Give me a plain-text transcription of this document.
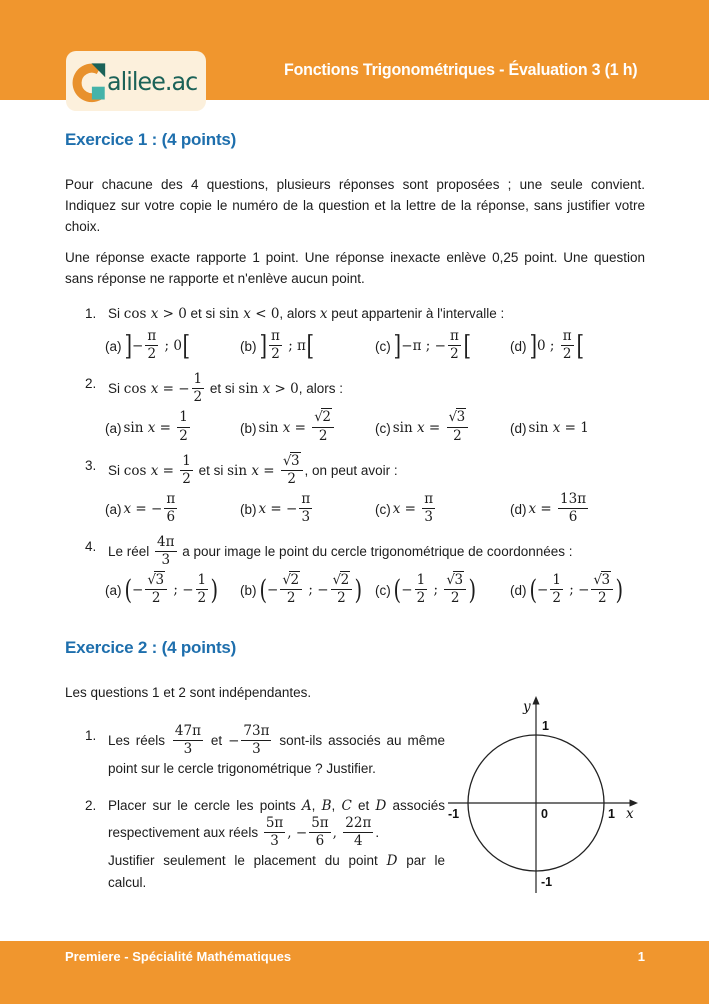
alilee.ac	Fonctions Trigonométriques - Évaluation 3 (1 h)
Exercice 1 : (4 points)

Pour chacune des 4 questions, plusieurs réponses sont proposées ; une seule convient. Indiquez sur votre copie le numéro de la question et la lettre de la réponse, sans justifier votre choix.

Une réponse exacte rapporte 1 point. Une réponse inexacte enlève 0,25 point. Une question sans réponse ne rapporte et n'enlève aucun point.

1. Si cos x > 0 et si sin x < 0, alors x peut appartenir à l'intervalle :
(a) ]− $\frac{\pi}{2}$ ; 0[	(b) ] $\frac{\pi}{2}$ ; π[	(c) ]−π ; − $\frac{\pi}{2}$ [	(d) ]0 ; $\frac{\pi}{2}$ [
2. Si cos x = − $\frac{1}{2}$ et si sin x > 0, alors :
(a) $\sin x = \frac{1}{2}$	(b) $\sin x = \frac{√2}{2}$	(c) $\sin x = \frac{√3}{2}$	(d) sin x = 1
3. Si $\cos x = \frac{1}{2}$ et si $\sin x = \frac{√3}{2}$ , on peut avoir :
(a) x = − $\frac{\pi}{6}$	(b) x = − $\frac{\pi}{3}$	(c) $x = \frac{\pi}{3}$	(d) $x = \frac{13\pi}{6}$
4. Le réel $\frac{4\pi}{3}$ a pour image le point du cercle trigonométrique de coordonnées :
(a) (− $\frac{√3}{2}$ ; − $\frac{1}{2}$ ) (b) (− $\frac{√2}{2}$ ; − $\frac{√2}{2}$ ) (c) (− $\frac{1}{2}$ ; $\frac{√3}{2}$ )	(d) (− $\frac{1}{2}$ ; − $\frac{√3}{2}$ )
Exercice 2 : (4 points)

Les questions 1 et 2 sont indépendantes.

1. Les réels $\frac{47\pi}{3}$ et − $\frac{73\pi}{3}$ sont-ils associés au même point sur le cercle trigonométrique ? Justifier.
2. Placer sur le cercle les points A, B, C et D associés respectivement aux réels $\frac{5\pi}{3}$ , − $\frac{5\pi}{6}$ , $\frac{22\pi}{4}$ .
Justifier seulement le placement du point D par le calcul.
y
x
1
-1	0	1
-1
Premiere - Spécialité Mathématiques	1
